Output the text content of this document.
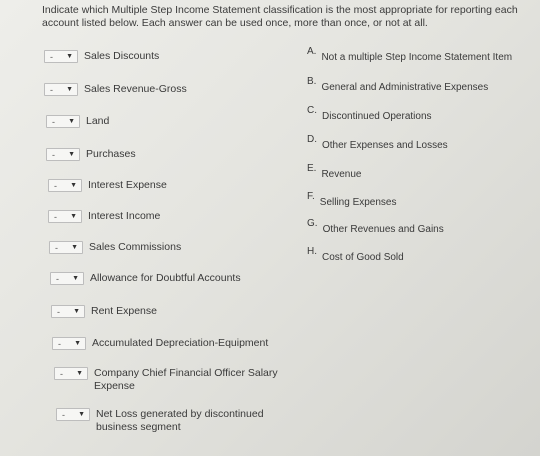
Indicate which Multiple Step Income Statement classification is the most appropriate for reporting each account listed below. Each answer can be used once, more than once, or not at all.
- ▼ Sales Discounts
- ▼ Sales Revenue-Gross
- ▼ Land
- ▼ Purchases
- ▼ Interest Expense
- ▼ Interest Income
- ▼ Sales Commissions
- ▼ Allowance for Doubtful Accounts
- ▼ Rent Expense
- ▼ Accumulated Depreciation-Equipment
- ▼ Company Chief Financial Officer Salary
Expense
- ▼ Net Loss generated by discontinued
business segment
A.
Not a multiple Step Income Statement Item
B.
General and Administrative Expenses
C.
Discontinued Operations
D.
Other Expenses and Losses
E.
Revenue
F.
Selling Expenses
G.
Other Revenues and Gains
H.
Cost of Good Sold
